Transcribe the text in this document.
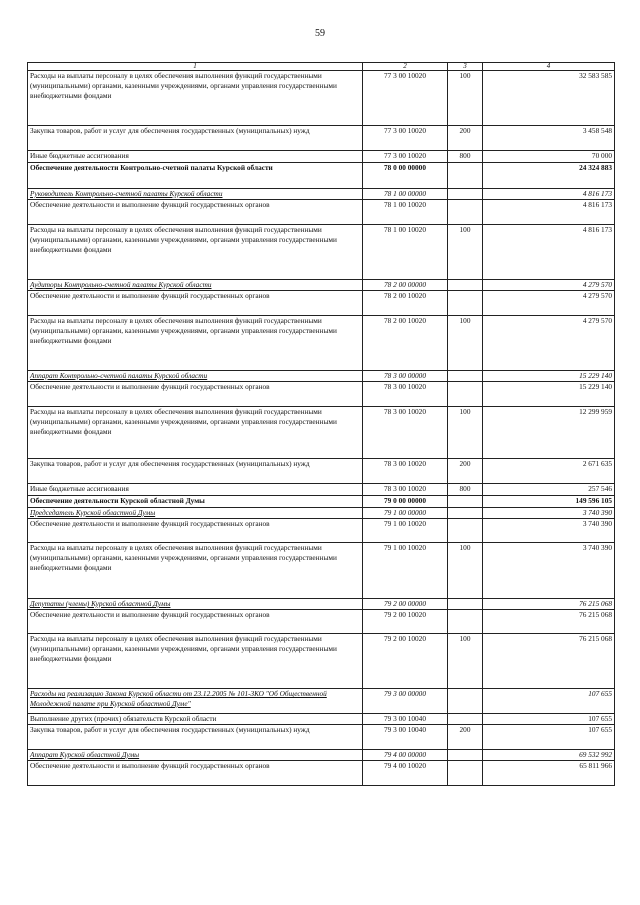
59
1	2	3	4
Расходы на выплаты персоналу в целях обеспечения выполнения функций государственными (муниципальными) органами, казенными учреждениями, органами управления государственными внебюджетными фондами	77 3 00 10020	100	32 583 585
Закупка товаров, работ и услуг для обеспечения государственных (муниципальных) нужд	77 3 00 10020	200	3 458 548
Иные бюджетные ассигнования	77 3 00 10020	800	70 000
Обеспечение деятельности Контрольно-счетной палаты Курской области	78 0 00 00000		24 324 883
Руководитель Контрольно-счетной палаты Курской области	78 1 00 00000		4 816 173
Обеспечение деятельности и выполнение функций государственных органов	78 1 00 10020		4 816 173
Расходы на выплаты персоналу в целях обеспечения выполнения функций государственными (муниципальными) органами, казенными учреждениями, органами управления государственными внебюджетными фондами	78 1 00 10020	100	4 816 173
Аудиторы Контрольно-счетной палаты Курской области	78 2 00 00000		4 279 570
Обеспечение деятельности и выполнение функций государственных органов	78 2 00 10020		4 279 570
Расходы на выплаты персоналу в целях обеспечения выполнения функций государственными (муниципальными) органами, казенными учреждениями, органами управления государственными внебюджетными фондами	78 2 00 10020	100	4 279 570
Аппарат Контрольно-счетной палаты Курской области	78 3 00 00000		15 229 140
Обеспечение деятельности и выполнение функций государственных органов	78 3 00 10020		15 229 140
Расходы на выплаты персоналу в целях обеспечения выполнения функций государственными (муниципальными) органами, казенными учреждениями, органами управления государственными внебюджетными фондами	78 3 00 10020	100	12 299 959
Закупка товаров, работ и услуг для обеспечения государственных (муниципальных) нужд	78 3 00 10020	200	2 671 635
Иные бюджетные ассигнования	78 3 00 10020	800	257 546
Обеспечение деятельности Курской областной Думы	79 0 00 00000		149 596 105
Председатель Курской областной Думы	79 1 00 00000		3 740 390
Обеспечение деятельности и выполнение функций государственных органов	79 1 00 10020		3 740 390
Расходы на выплаты персоналу в целях обеспечения выполнения функций государственными (муниципальными) органами, казенными учреждениями, органами управления государственными внебюджетными фондами	79 1 00 10020	100	3 740 390
Депутаты (члены) Курской областной Думы	79 2 00 00000		76 215 068
Обеспечение деятельности и выполнение функций государственных органов	79 2 00 10020		76 215 068
Расходы на выплаты персоналу в целях обеспечения выполнения функций государственными (муниципальными) органами, казенными учреждениями, органами управления государственными внебюджетными фондами	79 2 00 10020	100	76 215 068
Расходы на реализацию Закона Курской области от 23.12.2005 № 101-ЗКО "Об Общественной Молодежной палате при Курской областной Думе"	79 3 00 00000		107 655
Выполнение других (прочих) обязательств Курской области	79 3 00 10040		107 655
Закупка товаров, работ и услуг для обеспечения государственных (муниципальных) нужд	79 3 00 10040	200	107 655
Аппарат Курской областной Думы	79 4 00 00000		69 532 992
Обеспечение деятельности и выполнение функций государственных органов	79 4 00 10020		65 811 966
